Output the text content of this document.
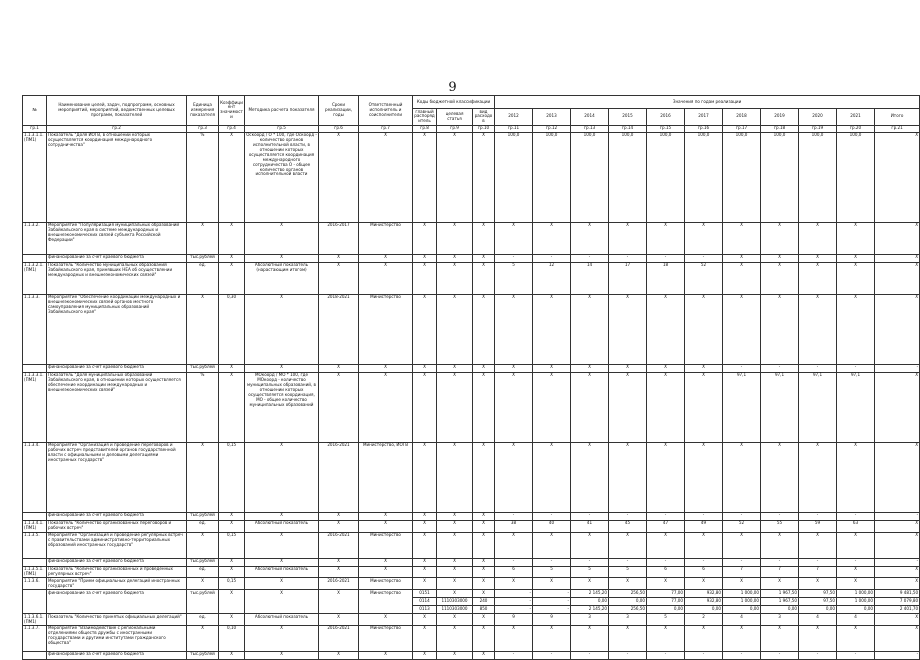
9
№	Наименование целей, задач, подпрограмм, основных мероприятий, мероприятий, ведомственных целевых программ, показателей	Единица измерения показателя	Коэффициент значимости	Методика расчета показателя	Сроки реализации, годы	Ответственный исполнитель и соисполнители	Коды бюджетной классификации			Значения по годам реализации										
							главный распорядитель	целевая статья	вид расходов	2012	2013	2014	2015	2016	2017	2018	2019	2020	2021	Итого
гр.1	гр.2	гр.3	гр.4	гр.5	гр.6	гр.7	гр.8	гр.9	гр.10	гр.11	гр.12	гр.13	гр.14	гр.15	гр.16	гр.17	гр.18	гр.19	гр.20	гр.21
1.1.3.1.1. (ПМ1)	Показатель "Доля ИОГВ, в отношении которых осуществляется координация международного сотрудничества"	%	Х	Оскоорд / О * 100, где Оскоорд - количество органов исполнительной власти, в отношении которых осуществляется координация международного сотрудничества О - общее количество органов исполнительной власти	Х	Х	Х	Х	Х	100,0	100,0	100,0	100,0	100,0	100,0	100,0	100,0	100,0	100,0	Х
1.1.3.2.	Мероприятие "Популяризация муниципальных образований Забайкальского края в системе международных и внешнеэкономических связей субъекта Российской Федерации"	Х	Х	Х	2016-2017	Министерство	Х	Х	Х	Х	Х	Х	Х	Х	Х	Х	Х	Х	Х	Х
	финансирование за счет краевого бюджета	тыс.рублей	Х	Х	Х	Х	Х	Х	Х	-	-	-	-	-	-	Х	Х	Х	Х	Х
1.1.3.2.1. (ПМ1)	Показатель "Количество муниципальных образований Забайкальского края, принявших НЕА об осуществлении международных и внешнеэкономических связей"	ед.	Х	Абсолютный показатель (нарастающим итогом)	Х	Х	Х	Х	Х	5	12	14	17	18	52	Х	Х	Х	Х	Х
1.1.3.3.	Мероприятие "Обеспечение координации международных и внешнеэкономических связей органов местного самоуправления муниципальных образований Забайкальского края"	Х	0,30	Х	2018-2021	Министерство	Х	Х	Х	Х	Х	Х	Х	Х	Х	Х	Х	Х	Х	Х
	финансирование за счет краевого бюджета	тыс.рублей	Х	Х	Х	Х	Х	Х	Х	Х	Х	Х	Х	Х	Х	-	-	-	-	-
1.1.3.3.1. (ПМ1)	Показатель "Доля муниципальных образований Забайкальского края, в отношении которых осуществляется обеспечение координации международных и внешнеэкономических связей"	%	Х	МОкоорд / МО * 100, где МОкоорд - количество муниципальных образований, в отношении которых осуществляется координация, МО - общее количество муниципальных образований	Х	Х	Х	Х	Х	Х	Х	Х	Х	Х	Х	97,1	97,1	97,1	97,1	Х
1.1.3.4.	Мероприятие "Организация и проведение переговоров и рабочих встреч представителей органов государственной власти с официальными и деловыми делегациями иностранных государств"	Х	0,15	Х	2016-2021	Министерство, ИОГВ	Х	Х	Х	Х	Х	Х	Х	Х	Х	Х	Х	Х	Х	Х
	финансирование за счет краевого бюджета	тыс.рублей	Х	Х	Х	Х	Х	Х	Х	-	-	-	-	-	-	-	-	-	-	-
1.1.3.4.1. (ПМ1)	Показатель "Количество организованных переговоров и рабочих встреч"	ед.	Х	Абсолютный показатель	Х	Х	Х	Х	Х	38	40	41	45	47	49	52	55	59	63	Х
1.1.3.5.	Мероприятие "Организация и проведение регулярных встреч с правительствами административно-территориальных образований иностранных государств"	Х	0,15	Х	2016-2021	Министерство	Х	Х	Х	Х	Х	Х	Х	Х	Х	Х	Х	Х	Х	Х
	финансирование за счет краевого бюджета	тыс.рублей	Х	Х	Х	Х	Х	Х	Х	-	-	-	-	-	-	-	-	-	-	-
1.1.3.5.1. (ПМ1)	Показатель "Количество организованных и проведенных регулярных встреч"	ед.	Х	Абсолютный показатель	Х	Х	Х	Х	Х	6	5	5	5	6	6	7	7	7	Х	Х
1.1.3.6.	Мероприятие "Прием официальных делегаций иностранных государств"	Х	0,15	Х	2016-2021	Министерство	Х	Х	Х	Х	Х	Х	Х	Х	Х	Х	Х	Х	Х	Х
	финансирование за счет краевого бюджета	тыс.рублей	Х	Х	Х	Министерство	0151	Х	Х	-	-	2 145,20	256,50	77,00	932,80	1 000,00	1 967,50	97,50	1 000,00	9 481,50
							0114	1110303000	240	-	-	0,00	0,00	77,00	932,80	1 000,00	1 967,50	97,50	1 000,00	7 079,80
							0113	1110303000	850	-	-	2 145,20	256,50	0,00	0,00	0,00	0,00	0,00	0,00	2 401,70
1.1.3.6.1. (ПМ1)	Показатель "Количество принятых официальных делегаций"	ед.	Х	Абсолютный показатель	Х	Х	Х	Х	Х	9	9	3	3	5	2	4	3	4	4	Х
1.1.3.7.	Мероприятие "Взаимодействие с региональными отделениями обществ дружбы с иностранными государствами и другими институтами гражданского общества"	Х	0,10	Х	2016-2021	Министерство	Х	Х	Х	Х	Х	Х	Х	Х	Х	Х	Х	Х	Х	Х
	финансирование за счет краевого бюджета	тыс.рублей	Х	Х	Х	Х	Х	Х	Х	-	-	-	-	-	-	-	-	-	-	-
